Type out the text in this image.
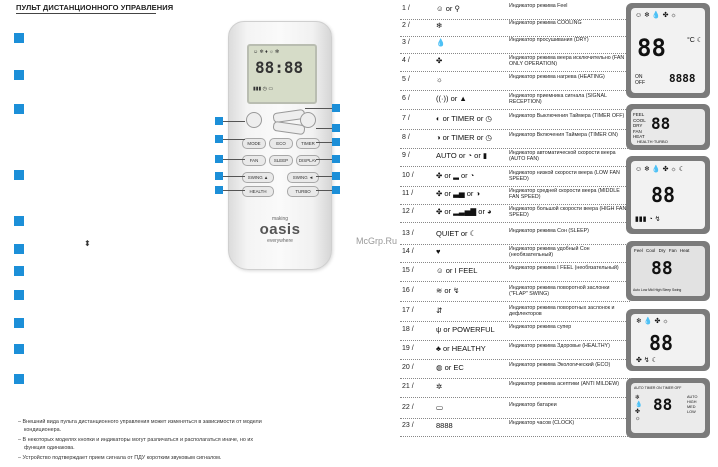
ПУЛЬТ ДИСТАНЦИОННОГО УПРАВЛЕНИЯ
⬍
☺ ❄ ♦ ☼ ✻
88:88
▮▮▮ ◷ ▭
MODE	ECO	TIMER
FAN	SLEEP	DISPLAY
SWING ▲	SWING ◄
HEALTH	TURBO
making
oasis
everywhere	McGrp.Ru
1 /	☺ or ⚲	Индикатор режима Feel
2 /	❄	Индикатор режима COOLING
3 /	💧	Индикатор просушивания (DRY)
4 /	✤	Индикатор режима веера исключительно (FAN ONLY OPERATION)
5 /	☼	Индикатор режима нагрева (HEATING)
6 /	((·)) or ▲	Индикатор приемника сигнала (SIGNAL RECEPTION)
7 /	◐ or TIMER or ◷	Индикатор Выключения Таймера (TIMER OFF)
8 /	◑ or TIMER or ◷	Индикатор Включения Таймера (TIMER ON)
9 /	AUTO or ◔ or ▮	Индикатор автоматической скорости веера (AUTO FAN)
10 /	✤ or ▂ or ◔	Индикатор низкой скорости веера (LOW FAN SPEED)
11 /	✤ or ▃▅ or ◑	Индикатор средней скорости веера (MIDDLE FAN SPEED)
12 /	✤ or ▂▃▅▇ or ◕	Индикатор большой скорости веера (HIGH FAN SPEED)
13 /	QUIET or ☾	Индикатор режима Сон (SLEEP)
14 /	♥	Индикатор режима удобный Сон (необязательный)
15 /	☺ or I FEEL	Индикатор режима I FEEL (необязательный)
16 /	≋ or ↯	Индикатор режима поворотной заслонки ("FLAP" SWING)
17 /	⇵	Индикатор режима поворотных заслонок и дефлекторов
18 /	ψ or POWERFUL	Индикатор режима супер
19 /	♣ or HEALTHY	Индикатор режима Здоровье (HEALTHY)
20 /	◍ or EC	Индикатор режима Экологический (ECO)
21 /	✲	Индикатор режима асептики (ANTI MILDEW)
22 /	▭	Индикатор батареи
23 /	8888	Индикатор часов (CLOCK)
☺ ❄ 💧 ✤ ☼
88	°C ☾
ON
OFF 8888
FEEL
COOL
DRY
FAN
HEAT
88
HEALTH·TURBO
☺ ❄ 💧 ✤ ☼ ☾
88
▮▮▮ ◔ ↯
Feel Cool Dry Fan Heat
88
Auto Low Mid High Sleep Swing
❄ 💧 ✤ ☼
88
✤ ↯ ☾
AUTO TIMER ON TIMER OFF
88	AUTO
HIGH
MED
LOW
❄
💧
✤
☼
– Внешний вида пульта дистанционного управления может изменяться в зависимости от модели
кондиционера.
– В некоторых моделях кнопки и индикаторы могут различаться и располагаться иначе, но их
функция одинакова.
– Устройство подтверждает прием сигнала от ПДУ коротким звуковым сигналом.
